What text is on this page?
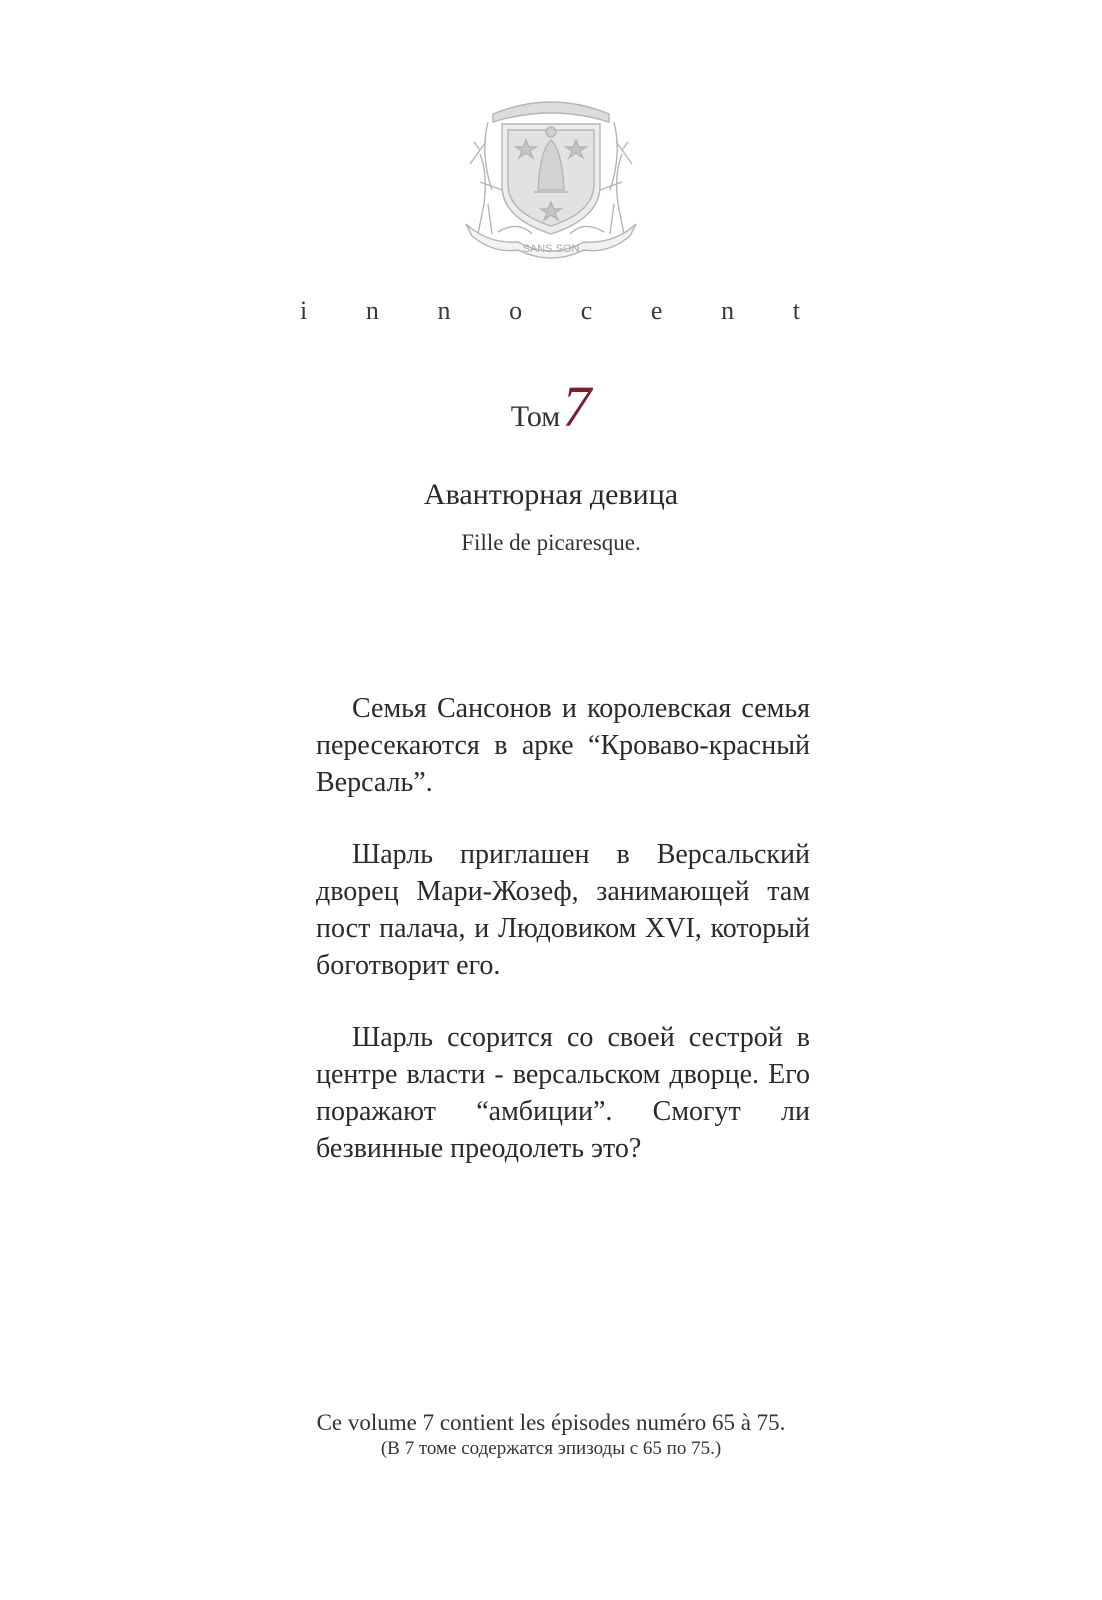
SANS SON
i n n o c e n t
Том7
Авантюрная девица
Fille de picaresque.

Семья Сансонов и королевская семья пересекаются в арке “Кроваво-красный Версаль”.

Шарль приглашен в Версальский дворец Мари-Жозеф, занимающей там пост палача, и Людовиком XVI, который боготворит его.

Шарль ссорится со своей сестрой в центре власти - версальском дворце. Его поражают “амбиции”. Смогут ли безвинные преодолеть это?

Ce volume 7 contient les épisodes numéro 65 à 75.
(В 7 томе содержатся эпизоды с 65 по 75.)
